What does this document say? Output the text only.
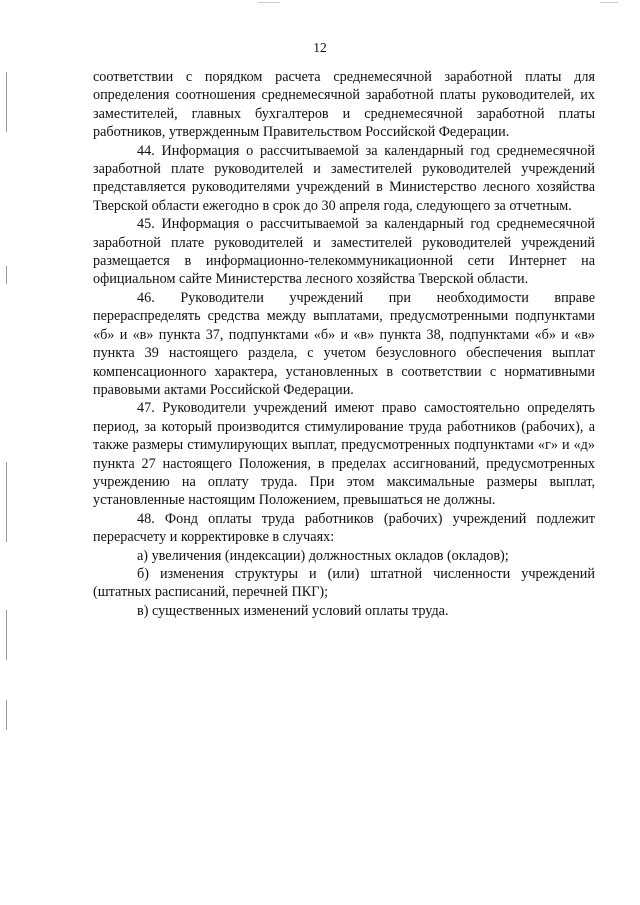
12

соответствии с порядком расчета среднемесячной заработной платы для определения соотношения среднемесячной заработной платы руководителей, их заместителей, главных бухгалтеров и среднемесячной заработной платы работников, утвержденным Правительством Российской Федерации.

44. Информация о рассчитываемой за календарный год среднемесячной заработной плате руководителей и заместителей руководителей учреждений представляется руководителями учреждений в Министерство лесного хозяйства Тверской области ежегодно в срок до 30 апреля года, следующего за отчетным.

45. Информация о рассчитываемой за календарный год среднемесячной заработной плате руководителей и заместителей руководителей учреждений размещается в информационно-телекоммуникационной сети Интернет на официальном сайте Министерства лесного хозяйства Тверской области.

46. Руководители учреждений при необходимости вправе перераспределять средства между выплатами, предусмотренными подпунктами «б» и «в» пункта 37, подпунктами «б» и «в» пункта 38, подпунктами «б» и «в» пункта 39 настоящего раздела, с учетом безусловного обеспечения выплат компенсационного характера, установленных в соответствии с нормативными правовыми актами Российской Федерации.

47. Руководители учреждений имеют право самостоятельно определять период, за который производится стимулирование труда работников (рабочих), а также размеры стимулирующих выплат, предусмотренных подпунктами «г» и «д» пункта 27 настоящего Положения, в пределах ассигнований, предусмотренных учреждению на оплату труда. При этом максимальные размеры выплат, установленные настоящим Положением, превышаться не должны.

48. Фонд оплаты труда работников (рабочих) учреждений подлежит перерасчету и корректировке в случаях:

а) увеличения (индексации) должностных окладов (окладов);

б) изменения структуры и (или) штатной численности учреждений (штатных расписаний, перечней ПКГ);

в) существенных изменений условий оплаты труда.
